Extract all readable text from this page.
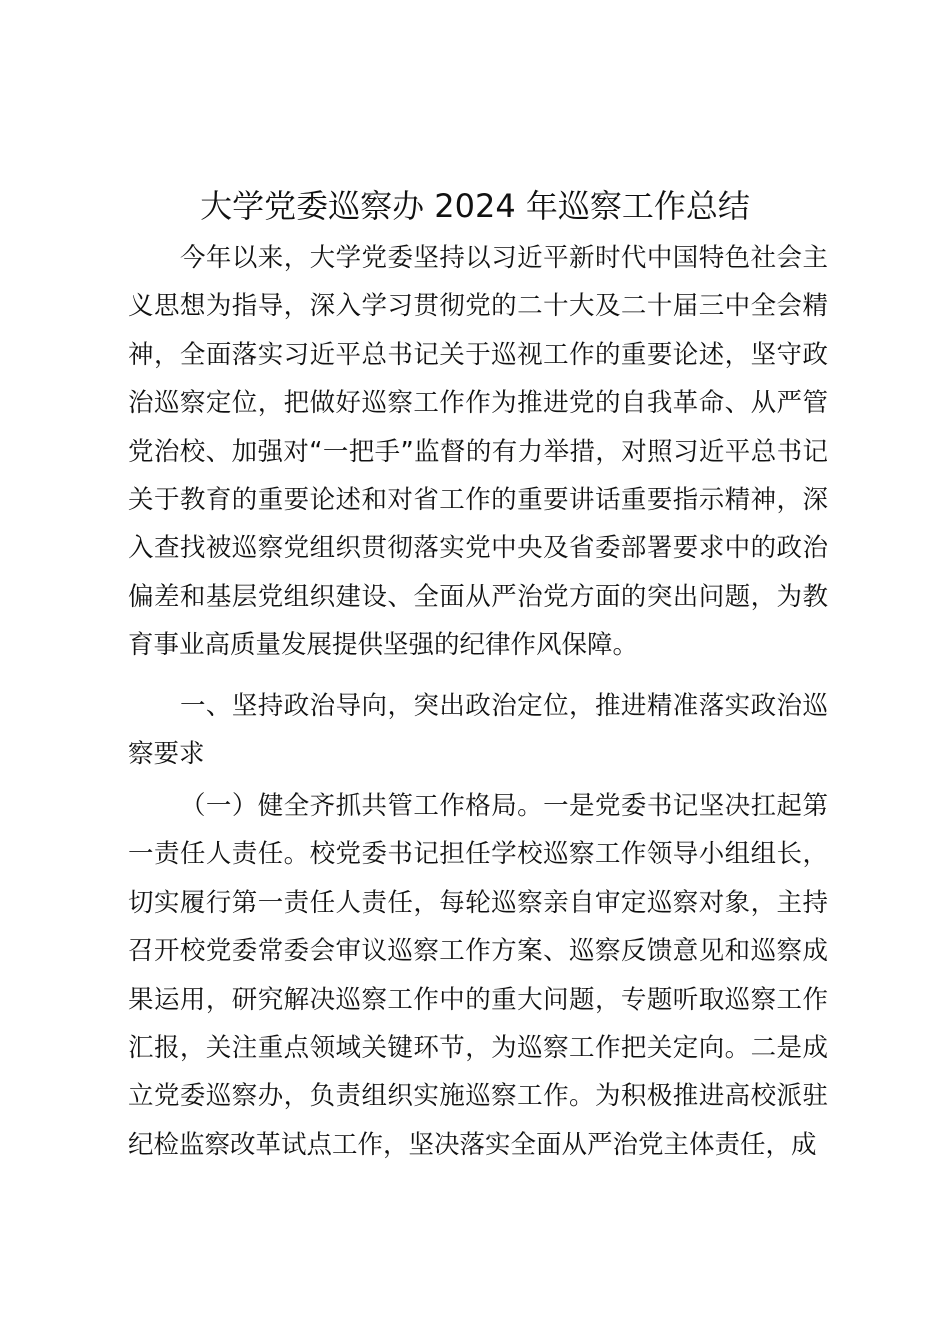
大学党委巡察办 2024 年巡察工作总结

今年以来，大学党委坚持以习近平新时代中国特色社会主义思想为指导，深入学习贯彻党的二十大及二十届三中全会精神，全面落实习近平总书记关于巡视工作的重要论述，坚守政治巡察定位，把做好巡察工作作为推进党的自我革命、从严管党治校、加强对“一把手”监督的有力举措，对照习近平总书记关于教育的重要论述和对省工作的重要讲话重要指示精神，深入查找被巡察党组织贯彻落实党中央及省委部署要求中的政治偏差和基层党组织建设、全面从严治党方面的突出问题，为教育事业高质量发展提供坚强的纪律作风保障。

一、坚持政治导向，突出政治定位，推进精准落实政治巡察要求

（一）健全齐抓共管工作格局。一是党委书记坚决扛起第一责任人责任。校党委书记担任学校巡察工作领导小组组长，切实履行第一责任人责任，每轮巡察亲自审定巡察对象，主持召开校党委常委会审议巡察工作方案、巡察反馈意见和巡察成果运用，研究解决巡察工作中的重大问题，专题听取巡察工作汇报，关注重点领域关键环节，为巡察工作把关定向。二是成立党委巡察办，负责组织实施巡察工作。为积极推进高校派驻纪检监察改革试点工作，坚决落实全面从严治党主体责任，成
